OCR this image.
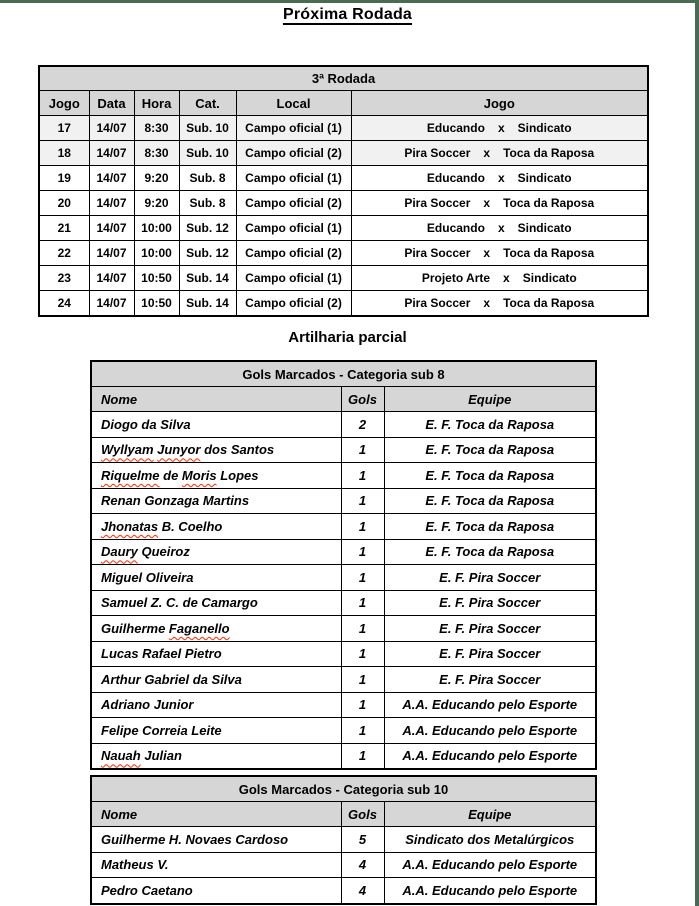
Próxima Rodada
3ª Rodada					
Jogo	Data	Hora	Cat.	Local	Jogo
17	14/07	8:30	Sub. 10	Campo oficial (1)	Educando x Sindicato
18	14/07	8:30	Sub. 10	Campo oficial (2)	Pira Soccer x Toca da Raposa
19	14/07	9:20	Sub. 8	Campo oficial (1)	Educando x Sindicato
20	14/07	9:20	Sub. 8	Campo oficial (2)	Pira Soccer x Toca da Raposa
21	14/07	10:00	Sub. 12	Campo oficial (1)	Educando x Sindicato
22	14/07	10:00	Sub. 12	Campo oficial (2)	Pira Soccer x Toca da Raposa
23	14/07	10:50	Sub. 14	Campo oficial (1)	Projeto Arte x Sindicato
24	14/07	10:50	Sub. 14	Campo oficial (2)	Pira Soccer x Toca da Raposa
Artilharia parcial
Gols Marcados - Categoria sub 8		
Nome	Gols	Equipe
Diogo da Silva	2	E. F. Toca da Raposa
Wyllyam Junyor dos Santos	1	E. F. Toca da Raposa
Riquelme de Moris Lopes	1	E. F. Toca da Raposa
Renan Gonzaga Martins	1	E. F. Toca da Raposa
Jhonatas B. Coelho	1	E. F. Toca da Raposa
Daury Queiroz	1	E. F. Toca da Raposa
Miguel Oliveira	1	E. F. Pira Soccer
Samuel Z. C. de Camargo	1	E. F. Pira Soccer
Guilherme Faganello	1	E. F. Pira Soccer
Lucas Rafael Pietro	1	E. F. Pira Soccer
Arthur Gabriel da Silva	1	E. F. Pira Soccer
Adriano Junior	1	A.A. Educando pelo Esporte
Felipe Correia Leite	1	A.A. Educando pelo Esporte
Nauah Julian	1	A.A. Educando pelo Esporte
Gols Marcados - Categoria sub 10		
Nome	Gols	Equipe
Guilherme H. Novaes Cardoso	5	Sindicato dos Metalúrgicos
Matheus V.	4	A.A. Educando pelo Esporte
Pedro Caetano	4	A.A. Educando pelo Esporte
